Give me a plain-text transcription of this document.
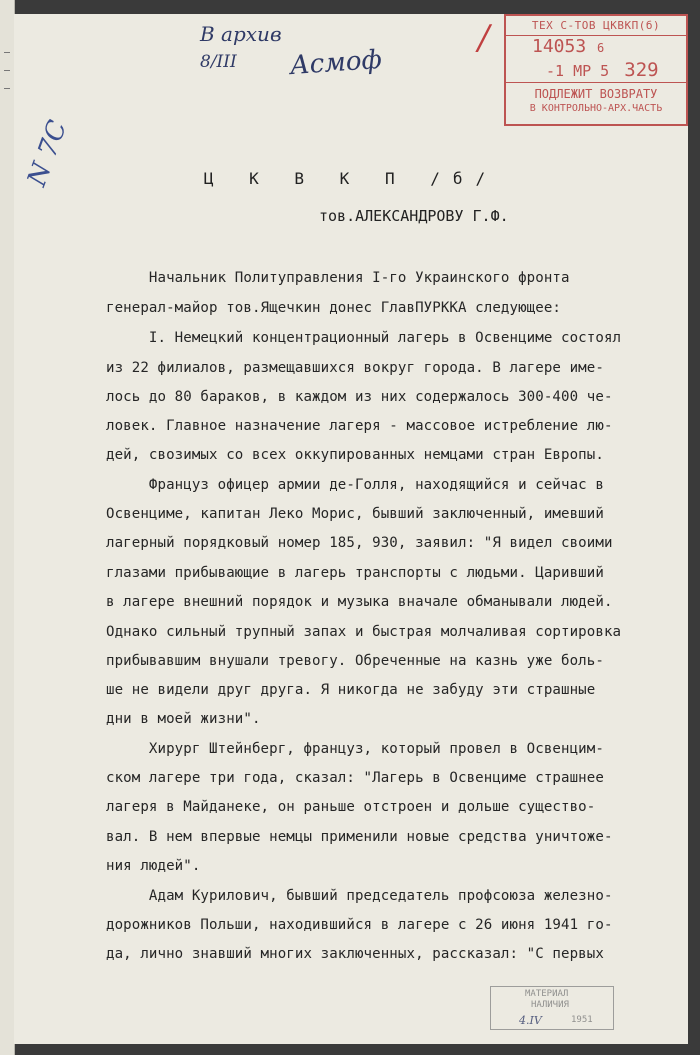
В архив
8/III Асмоф
N 7С
/	ТЕХ С-ТОВ ЦКВКП(б)
14053 6
-1 МР 5 329
ПОДЛЕЖИТ ВОЗВРАТУ
В КОНТРОЛЬНО-АРХ.ЧАСТЬ
Ц К В К П /б/
тов.АЛЕКСАНДРОВУ Г.Ф.
Начальник Политуправления I-го Украинского фронта
генерал-майор тов.Ящечкин донес ГлавПУРККА следующее:
I. Немецкий концентрационный лагерь в Освенциме состоял
из 22 филиалов, размещавшихся вокруг города. В лагере име-
лось до 80 бараков, в каждом из них содержалось 300-400 че-
ловек. Главное назначение лагеря - массовое истребление лю-
дей, свозимых со всех оккупированных немцами стран Европы.
Француз офицер армии де-Голля, находящийся и сейчас в
Освенциме, капитан Леко Морис, бывший заключенный, имевший
лагерный порядковый номер 185, 930, заявил: "Я видел своими
глазами прибывающие в лагерь транспорты с людьми. Царивший
в лагере внешний порядок и музыка вначале обманывали людей.
Однако сильный трупный запах и быстрая молчаливая сортировка
прибывавшим внушали тревогу. Обреченные на казнь уже боль-
ше не видели друг друга. Я никогда не забуду эти страшные
дни в моей жизни".
Хирург Штейнберг, француз, который провел в Освенцим-
ском лагере три года, сказал: "Лагерь в Освенциме страшнее
лагеря в Майданеке, он раньше отстроен и дольше существо-
вал. В нем впервые немцы применили новые средства уничтоже-
ния людей".
Адам Курилович, бывший председатель профсоюза железно-
дорожников Польши, находившийся в лагере с 26 июня 1941 го-
да, лично знавший многих заключенных, рассказал: "С первых
МАТЕРИАЛ
НАЛИЧИЯ
4.IV	1951
